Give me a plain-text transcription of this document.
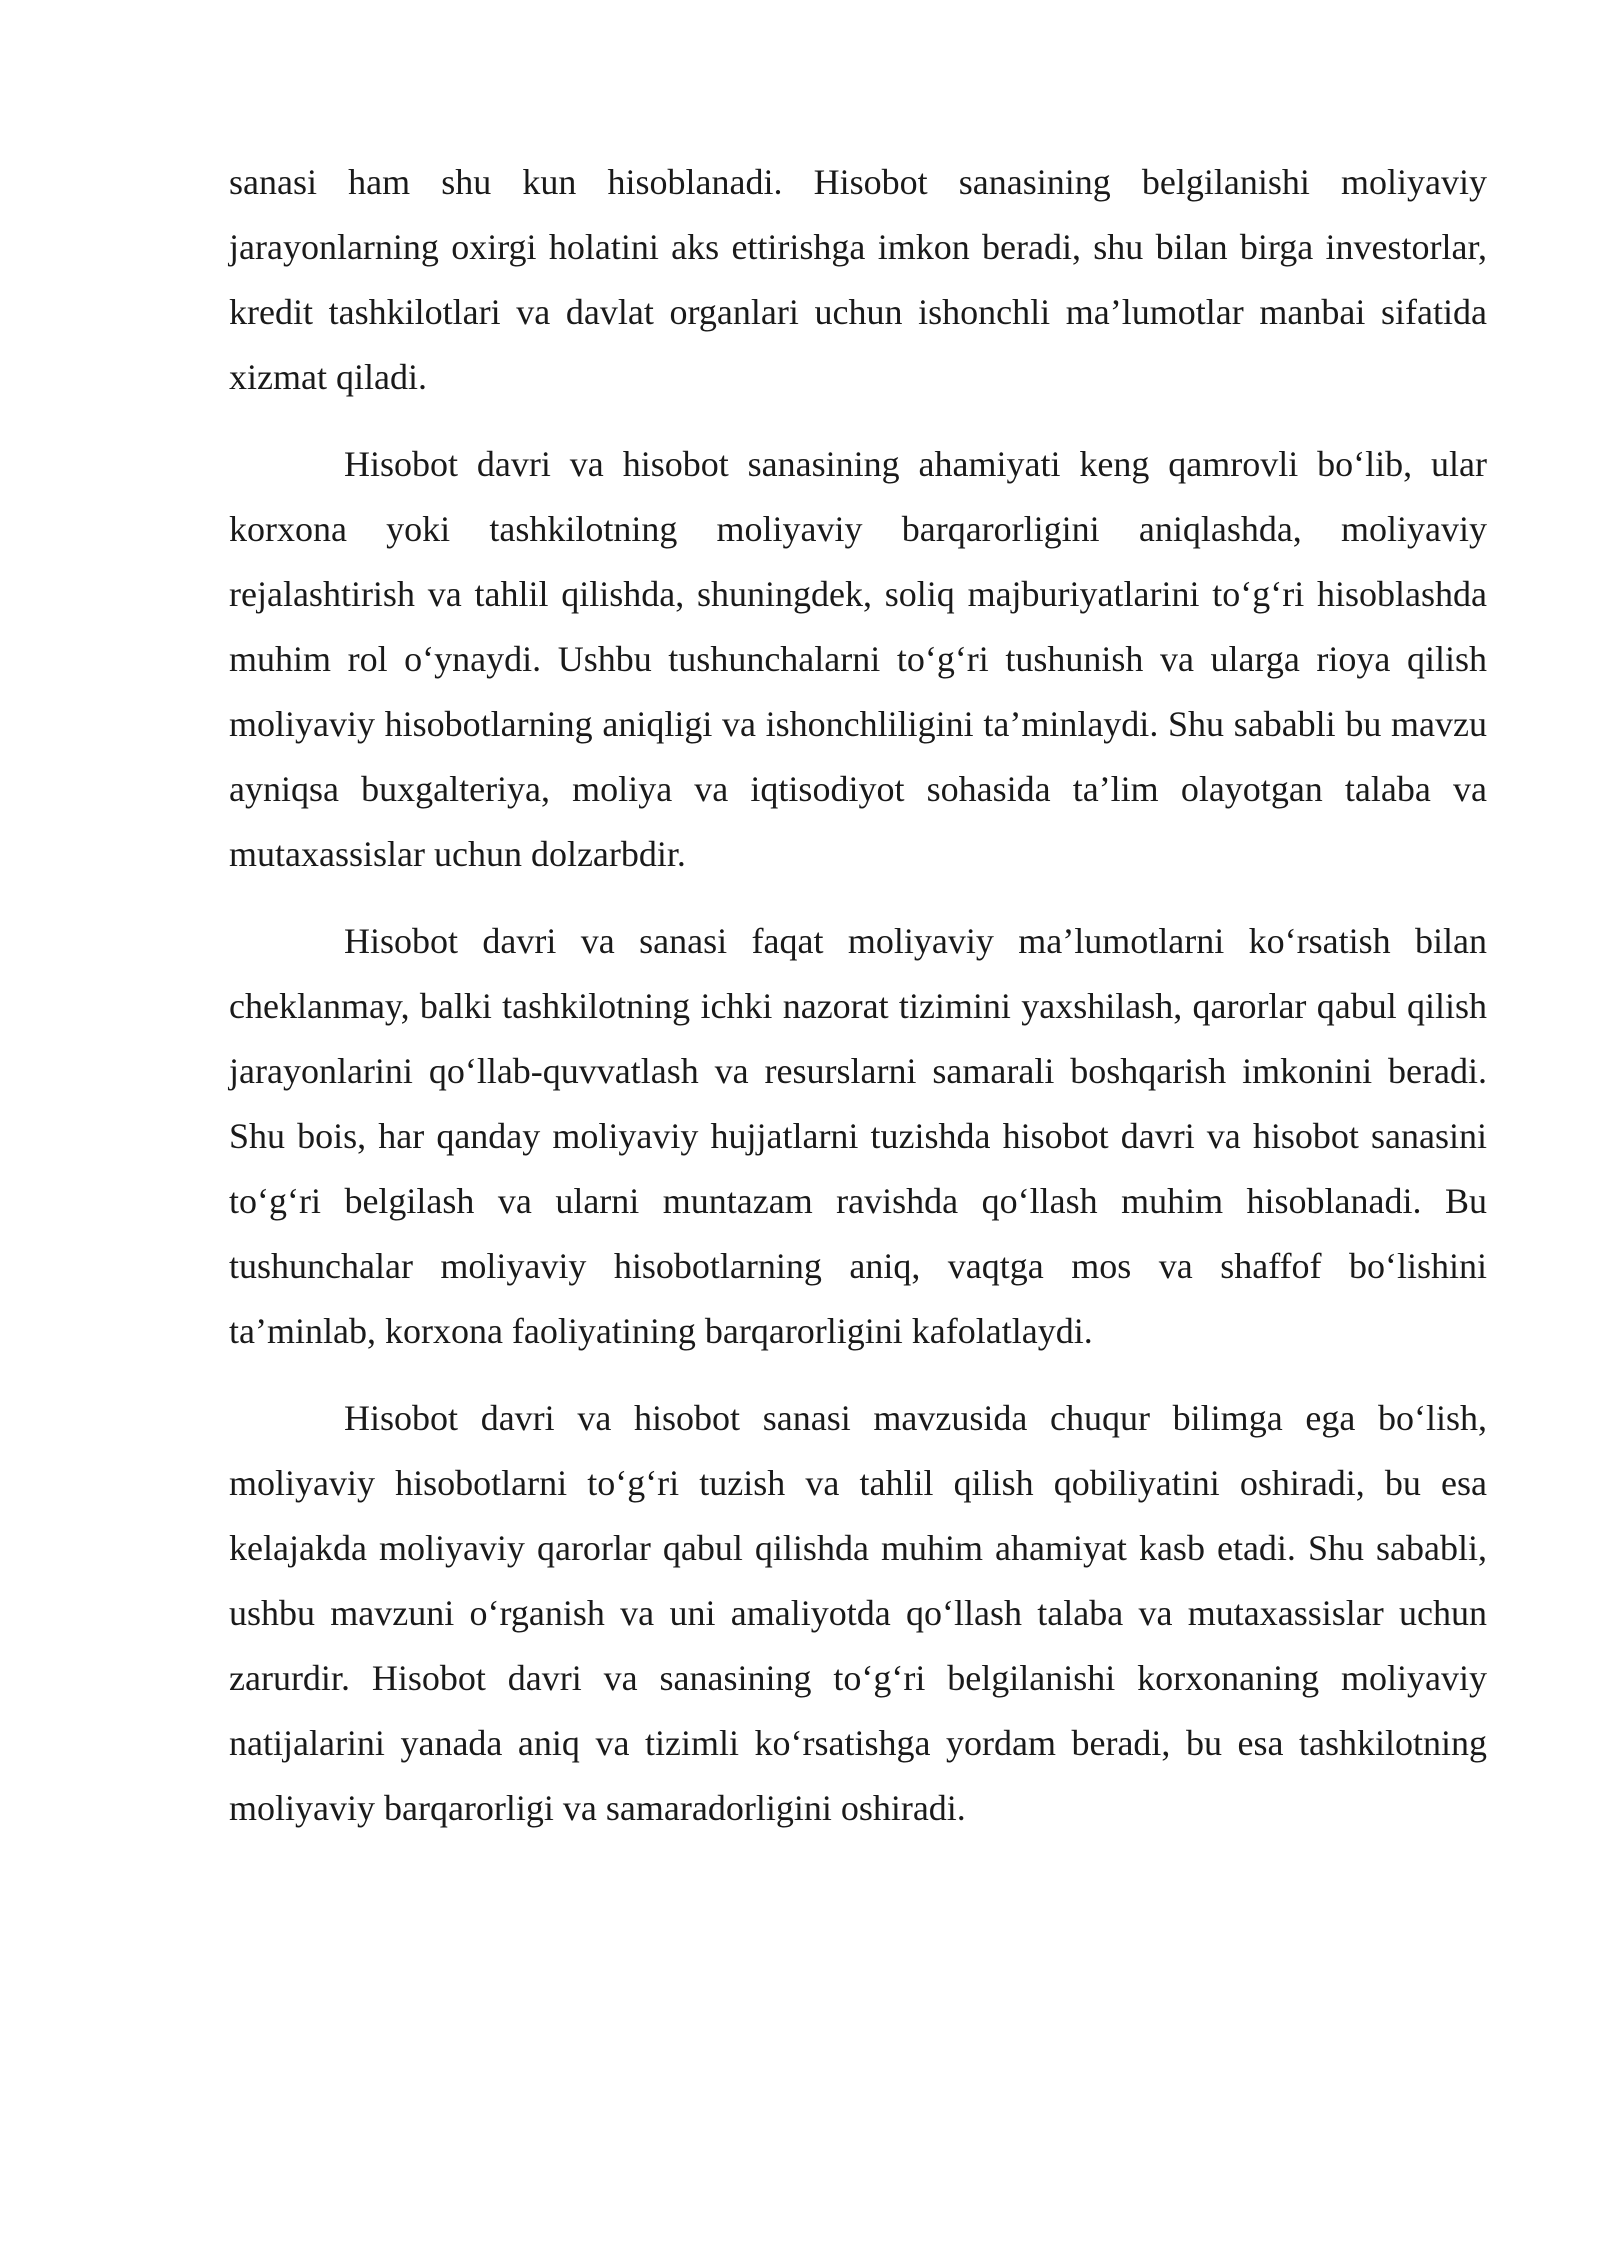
sanasi ham shu kun hisoblanadi. Hisobot sanasining belgilanishi moliyaviy jarayonlarning oxirgi holatini aks ettirishga imkon beradi, shu bilan birga investorlar, kredit tashkilotlari va davlat organlari uchun ishonchli ma’lumotlar manbai sifatida xizmat qiladi.

Hisobot davri va hisobot sanasining ahamiyati keng qamrovli bo‘lib, ular korxona yoki tashkilotning moliyaviy barqarorligini aniqlashda, moliyaviy rejalashtirish va tahlil qilishda, shuningdek, soliq majburiyatlarini to‘g‘ri hisoblashda muhim rol o‘ynaydi. Ushbu tushunchalarni to‘g‘ri tushunish va ularga rioya qilish moliyaviy hisobotlarning aniqligi va ishonchliligini ta’minlaydi. Shu sababli bu mavzu ayniqsa buxgalteriya, moliya va iqtisodiyot sohasida ta’lim olayotgan talaba va mutaxassislar uchun dolzarbdir.

Hisobot davri va sanasi faqat moliyaviy ma’lumotlarni ko‘rsatish bilan cheklanmay, balki tashkilotning ichki nazorat tizimini yaxshilash, qarorlar qabul qilish jarayonlarini qo‘llab-quvvatlash va resurslarni samarali boshqarish imkonini beradi. Shu bois, har qanday moliyaviy hujjatlarni tuzishda hisobot davri va hisobot sanasini to‘g‘ri belgilash va ularni muntazam ravishda qo‘llash muhim hisoblanadi. Bu tushunchalar moliyaviy hisobotlarning aniq, vaqtga mos va shaffof bo‘lishini ta’minlab, korxona faoliyatining barqarorligini kafolatlaydi.

Hisobot davri va hisobot sanasi mavzusida chuqur bilimga ega bo‘lish, moliyaviy hisobotlarni to‘g‘ri tuzish va tahlil qilish qobiliyatini oshiradi, bu esa kelajakda moliyaviy qarorlar qabul qilishda muhim ahamiyat kasb etadi. Shu sababli, ushbu mavzuni o‘rganish va uni amaliyotda qo‘llash talaba va mutaxassislar uchun zarurdir. Hisobot davri va sanasining to‘g‘ri belgilanishi korxonaning moliyaviy natijalarini yanada aniq va tizimli ko‘rsatishga yordam beradi, bu esa tashkilotning moliyaviy barqarorligi va samaradorligini oshiradi.
